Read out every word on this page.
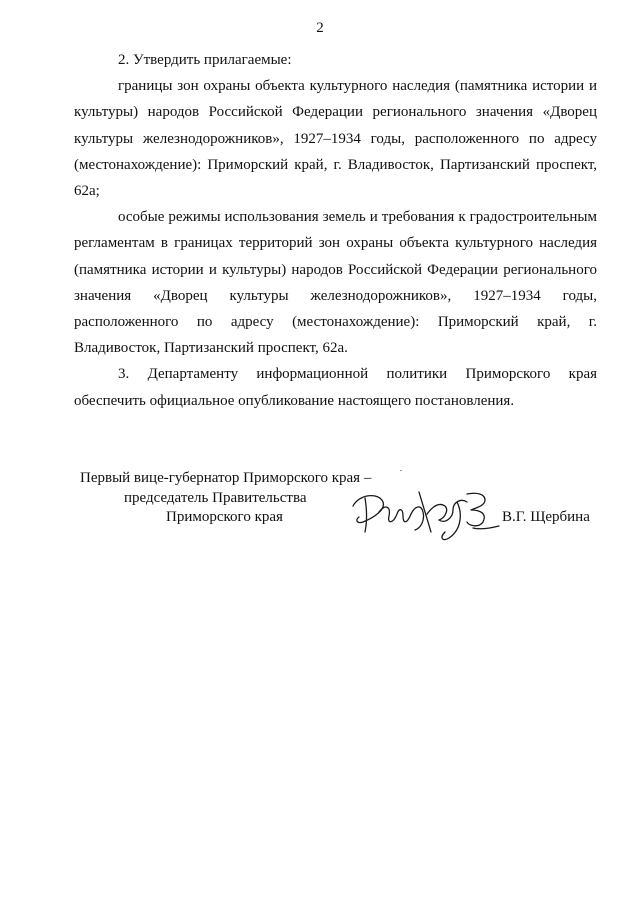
2

2. Утвердить прилагаемые:

границы зон охраны объекта культурного наследия (памятника истории и культуры) народов Российской Федерации регионального значения «Дворец культуры железнодорожников», 1927–1934 годы, расположенного по адресу (местонахождение): Приморский край, г. Владивосток, Партизанский проспект, 62а;

особые режимы использования земель и требования к градостроительным регламентам в границах территорий зон охраны объекта культурного наследия (памятника истории и культуры) народов Российской Федерации регионального значения «Дворец культуры железнодорожников», 1927–1934 годы, расположенного по адресу (местонахождение): Приморский край, г. Владивосток, Партизанский проспект, 62а.

3. Департаменту информационной политики Приморского края обеспечить официальное опубликование настоящего постановления.

Первый вице-губернатор Приморского края –
председатель Правительства
Приморского края	В.Г. Щербина
